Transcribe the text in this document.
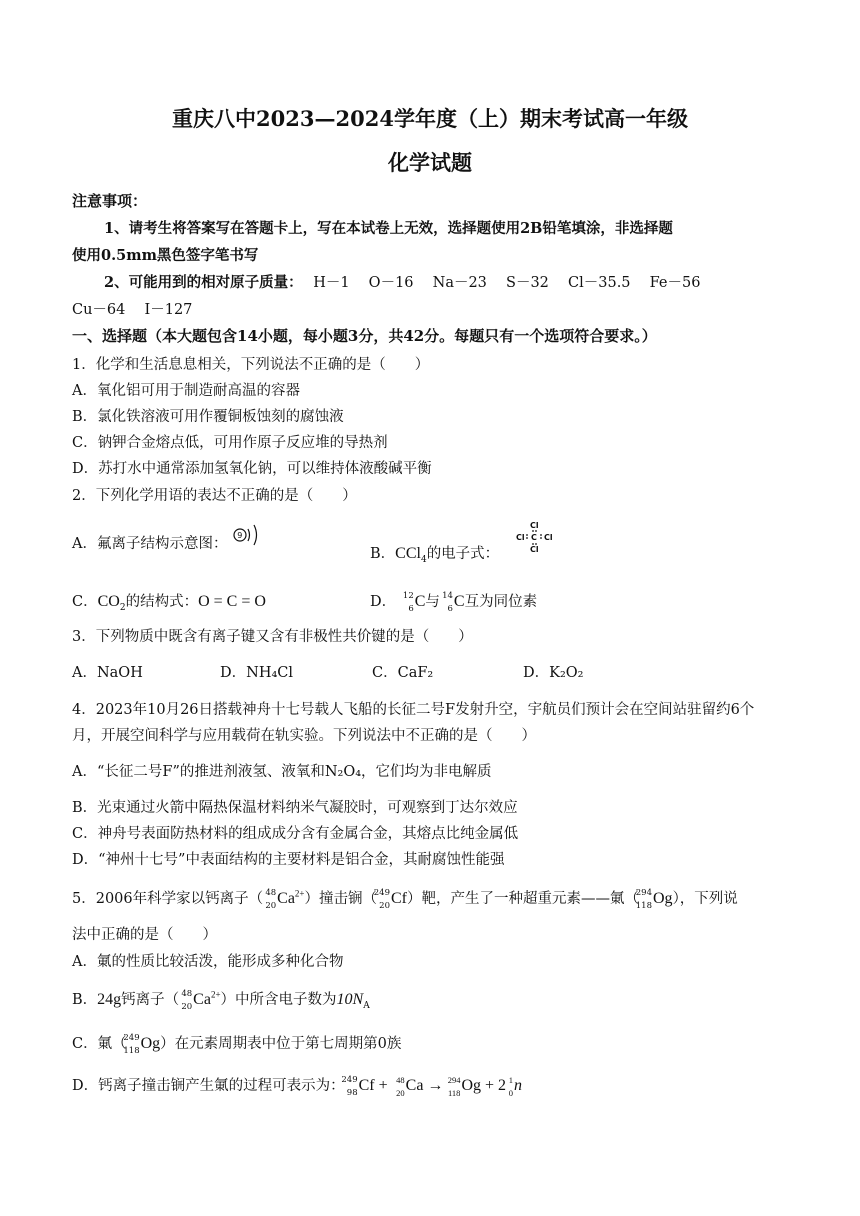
重庆八中2023—2024学年度（上）期末考试高一年级
化学试题
注意事项：
1、请考生将答案写在答题卡上，写在本试卷上无效，选择题使用2B铅笔填涂，非选择题
使用0.5mm黑色签字笔书写
2、可能用到的相对原子质量： H－1　 O－16　 Na－23　 S－32　 Cl－35.5　 Fe－56
Cu－64　 I－127
一、选择题（本大题包含14小题，每小题3分，共42分。每题只有一个选项符合要求。）
1．化学和生活息息相关，下列说法不正确的是（　　）
A．氧化铝可用于制造耐高温的容器
B．氯化铁溶液可用作覆铜板蚀刻的腐蚀液
C．钠钾合金熔点低，可用作原子反应堆的导热剂
D．苏打水中通常添加氢氧化钠，可以维持体液酸碱平衡
2．下列化学用语的表达不正确的是（　　）
A．氟离子结构示意图：
9
B．CCl$_4$的电子式：
Cl
Cl C Cl
Cl
C．$CO_2$的结构式：O = C = O	D． 12
6 C与 14
6 C互为同位素
3．下列物质中既含有离子键又含有非极性共价键的是（　　）
A．NaOH	D．NH₄Cl	C．CaF₂	D．K₂O₂
4．2023年10月26日搭载神舟十七号载人飞船的长征二号F发射升空，宇航员们预计会在空间站驻留约6个
月，开展空间科学与应用载荷在轨实验。下列说法中不正确的是（　　）
A．“长征二号F”的推进剂液氢、液氧和N₂O₄，它们均为非电解质
B．光束通过火箭中隔热保温材料纳米气凝胶时，可观察到丁达尔效应
C．神舟号表面防热材料的组成成分含有金属合金，其熔点比纯金属低
D．“神州十七号”中表面结构的主要材料是铝合金，其耐腐蚀性能强
5．2006年科学家以钙离子（ 48
20 $Ca^{2+}$）撞击锎（
249
20 Cf）靶，产生了一种超重元素——氭（
294
118 Og），下列说
法中正确的是（　　）
A．氭的性质比较活泼，能形成多种化合物
B．24g钙离子（ 48
20 $Ca^{2+}$）中所含电子数为$10N_A$
C．氭（
249
118 Og）在元素周期表中位于第七周期第0族
D．钙离子撞击锎产生氭的过程可表示为：
249
98 Cf + 48
20 Ca → 294
118 Og + 2 1
0 n
